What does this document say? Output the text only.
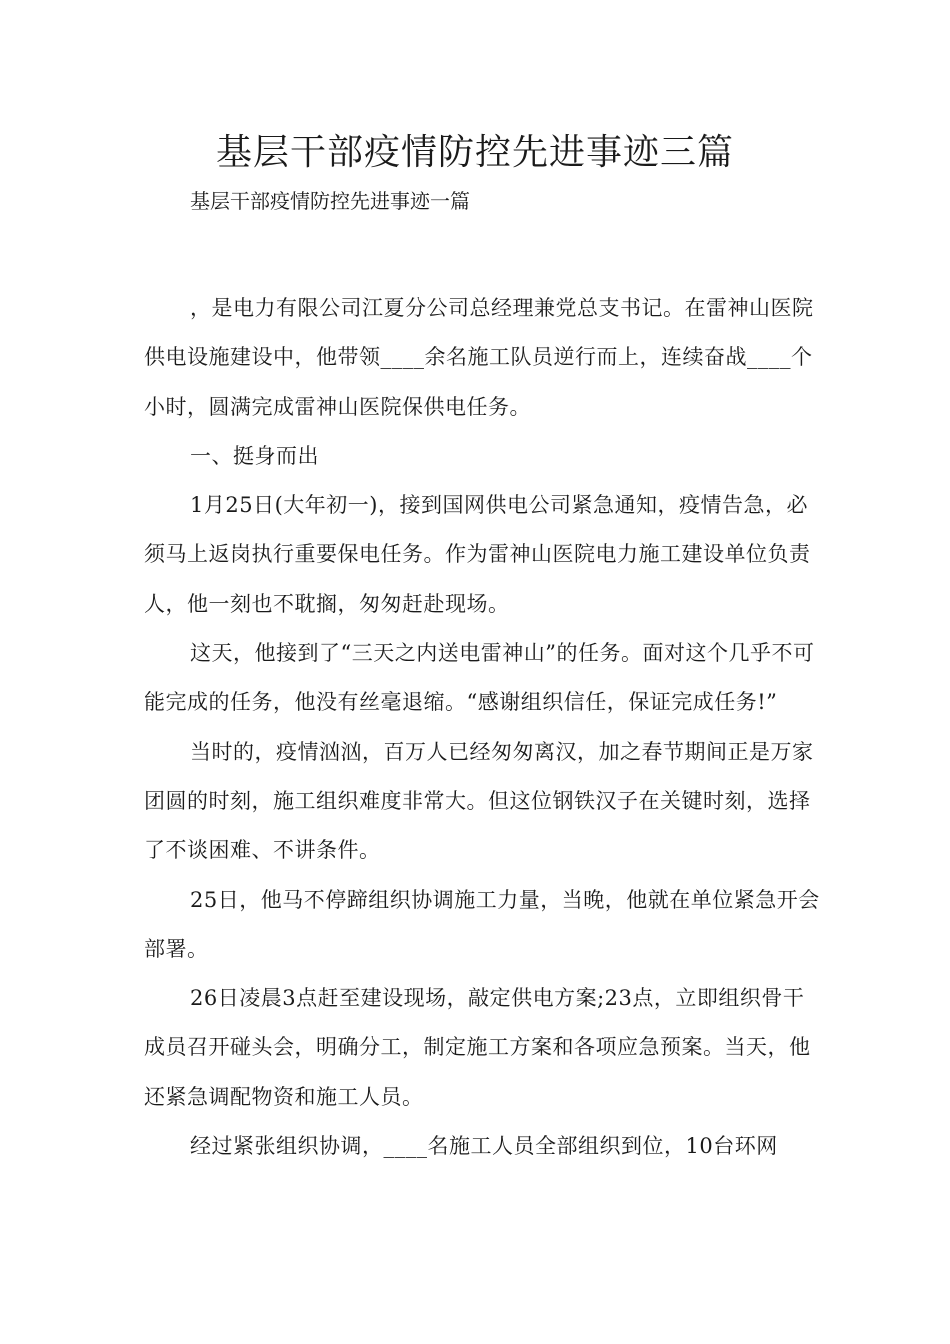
基层干部疫情防控先进事迹三篇

基层干部疫情防控先进事迹一篇

，是电力有限公司江夏分公司总经理兼党总支书记。在雷神山医院供电设施建设中，他带领____余名施工队员逆行而上，连续奋战____个小时，圆满完成雷神山医院保供电任务。

一、挺身而出

1月25日(大年初一)，接到国网供电公司紧急通知，疫情告急，必须马上返岗执行重要保电任务。作为雷神山医院电力施工建设单位负责人，他一刻也不耽搁，匆匆赶赴现场。

这天，他接到了“三天之内送电雷神山”的任务。面对这个几乎不可能完成的任务，他没有丝毫退缩。“感谢组织信任，保证完成任务!”

当时的，疫情汹汹，百万人已经匆匆离汉，加之春节期间正是万家团圆的时刻，施工组织难度非常大。但这位钢铁汉子在关键时刻，选择了不谈困难、不讲条件。

25日，他马不停蹄组织协调施工力量，当晚，他就在单位紧急开会部署。

26日凌晨3点赶至建设现场，敲定供电方案;23点，立即组织骨干成员召开碰头会，明确分工，制定施工方案和各项应急预案。当天，他还紧急调配物资和施工人员。

经过紧张组织协调，____名施工人员全部组织到位，10台环网
